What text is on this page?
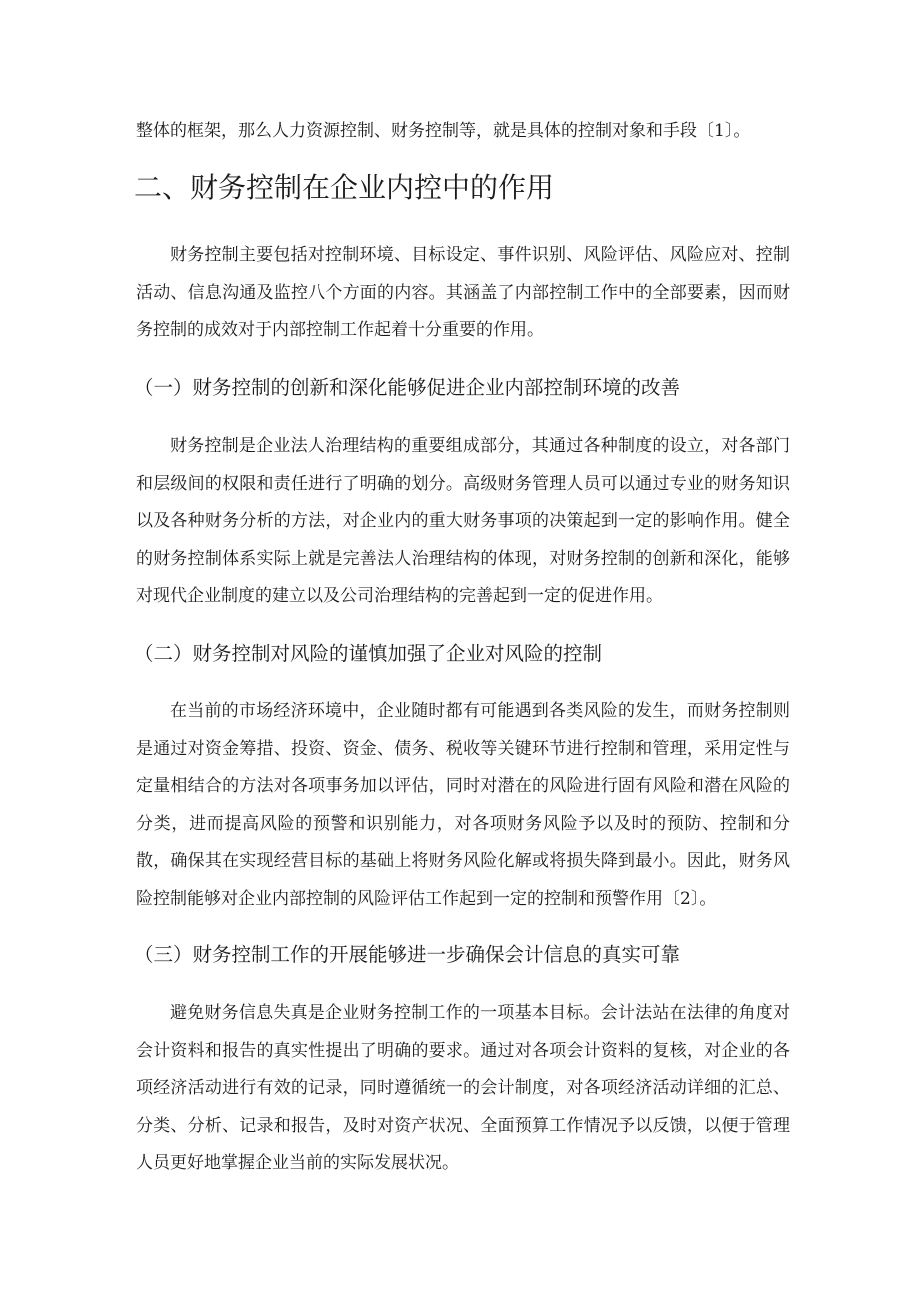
整体的框架，那么人力资源控制、财务控制等，就是具体的控制对象和手段〔1〕。

二、财务控制在企业内控中的作用

财务控制主要包括对控制环境、目标设定、事件识别、风险评估、风险应对、控制活动、信息沟通及监控八个方面的内容。其涵盖了内部控制工作中的全部要素，因而财务控制的成效对于内部控制工作起着十分重要的作用。

（一）财务控制的创新和深化能够促进企业内部控制环境的改善

财务控制是企业法人治理结构的重要组成部分，其通过各种制度的设立，对各部门和层级间的权限和责任进行了明确的划分。高级财务管理人员可以通过专业的财务知识以及各种财务分析的方法，对企业内的重大财务事项的决策起到一定的影响作用。健全的财务控制体系实际上就是完善法人治理结构的体现，对财务控制的创新和深化，能够对现代企业制度的建立以及公司治理结构的完善起到一定的促进作用。

（二）财务控制对风险的谨慎加强了企业对风险的控制

在当前的市场经济环境中，企业随时都有可能遇到各类风险的发生，而财务控制则是通过对资金筹措、投资、资金、债务、税收等关键环节进行控制和管理，采用定性与定量相结合的方法对各项事务加以评估，同时对潜在的风险进行固有风险和潜在风险的分类，进而提高风险的预警和识别能力，对各项财务风险予以及时的预防、控制和分散，确保其在实现经营目标的基础上将财务风险化解或将损失降到最小。因此，财务风险控制能够对企业内部控制的风险评估工作起到一定的控制和预警作用〔2〕。

（三）财务控制工作的开展能够进一步确保会计信息的真实可靠

避免财务信息失真是企业财务控制工作的一项基本目标。会计法站在法律的角度对会计资料和报告的真实性提出了明确的要求。通过对各项会计资料的复核，对企业的各项经济活动进行有效的记录，同时遵循统一的会计制度，对各项经济活动详细的汇总、分类、分析、记录和报告，及时对资产状况、全面预算工作情况予以反馈，以便于管理人员更好地掌握企业当前的实际发展状况。
